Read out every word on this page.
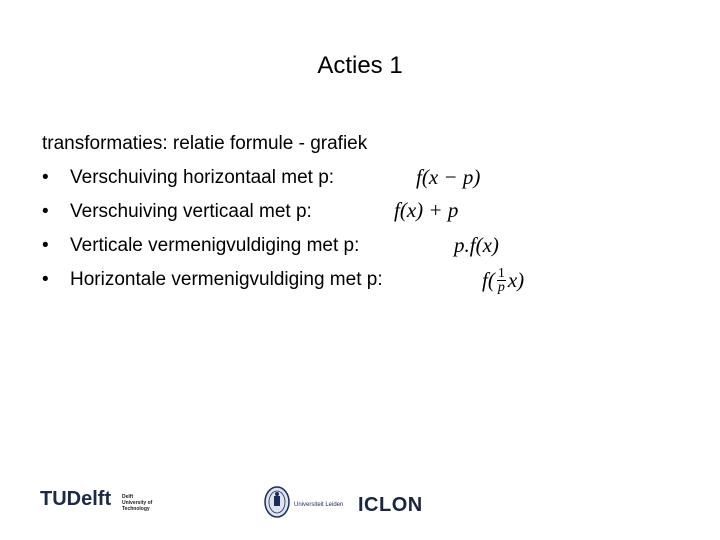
Acties 1
transformaties: relatie formule - grafiek
•	Verschuiving horizontaal met p:	f(x − p)
•	Verschuiving verticaal met p:	f(x) + p
•	Verticale vermenigvuldiging met p:	p.f(x)
•	Horizontale vermenigvuldiging met p:	$f( \frac{1}{p} x)$
TUDelft Delft
University of
Technology
Universiteit Leiden ICLON
